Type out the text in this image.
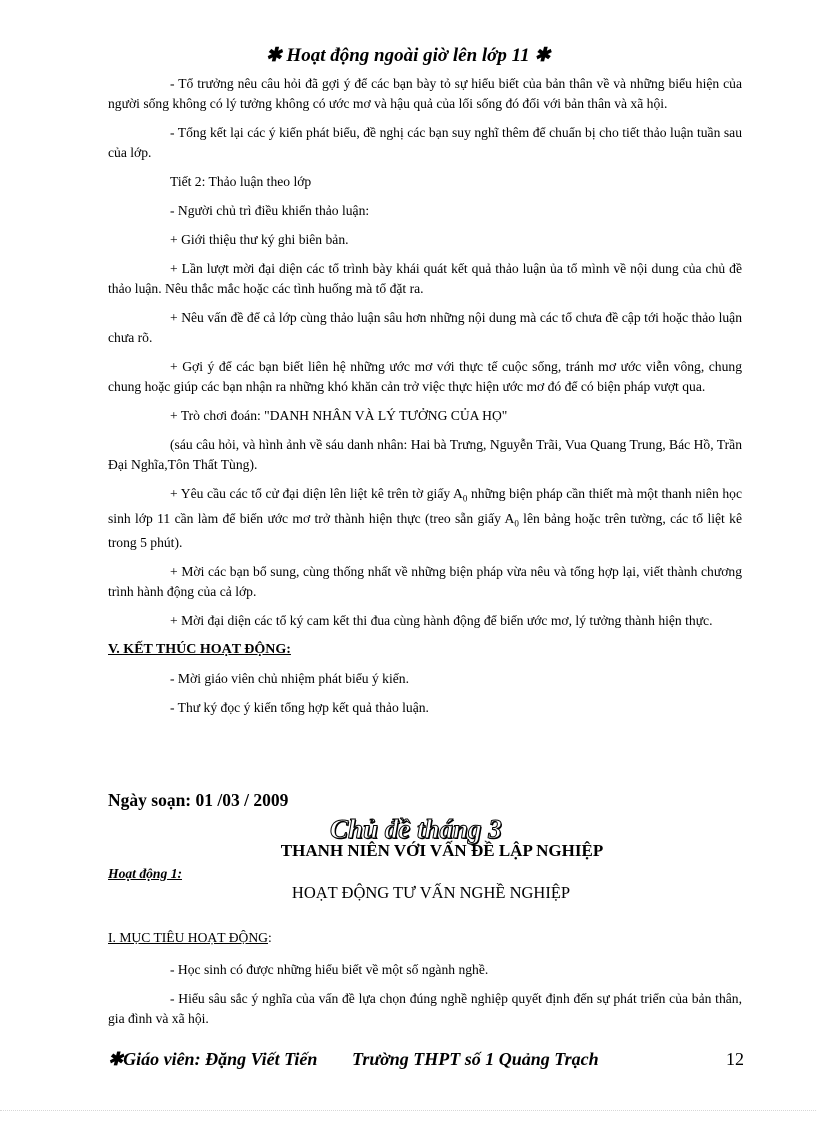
✱ Hoạt động ngoài giờ lên lớp 11 ✱

- Tổ trưởng nêu câu hỏi đã gợi ý để các bạn bày tỏ sự hiểu biết của bản thân về và những biểu hiện của người sống không có lý tưởng không có ước mơ và hậu quả của lối sống đó đối với bản thân và xã hội.

- Tổng kết lại các ý kiến phát biểu, đề nghị các bạn suy nghĩ thêm để chuẩn bị cho tiết thảo luận tuần sau của lớp.

Tiết 2: Thảo luận theo lớp

- Người chủ trì điều khiển thảo luận:

+ Giới thiệu thư ký ghi biên bản.

+ Lần lượt mời đại diện các tổ trình bày khái quát kết quả thảo luận ủa tổ mình về nội dung của chủ đề thảo luận. Nêu thắc mắc hoặc các tình huống mà tổ đặt ra.

+ Nêu vấn đề để cả lớp cùng thảo luận sâu hơn những nội dung mà các tổ chưa đề cập tới hoặc thảo luận chưa rõ.

+ Gợi ý để các bạn biết liên hệ những ước mơ với thực tế cuộc sống, tránh mơ ước viễn vông, chung chung hoặc giúp các bạn nhận ra những khó khăn cản trở việc thực hiện ước mơ đó để có biện pháp vượt qua.

+ Trò chơi đoán: "DANH NHÂN VÀ LÝ TƯỞNG CỦA HỌ"

(sáu câu hỏi, và hình ảnh về sáu danh nhân: Hai bà Trưng, Nguyễn Trãi, Vua Quang Trung, Bác Hồ, Trần Đại Nghĩa,Tôn Thất Tùng).

+ Yêu cầu các tổ cử đại diện lên liệt kê trên tờ giấy $A_0$ những biện pháp cần thiết mà một thanh niên học sinh lớp 11 cần làm để biến ước mơ trở thành hiện thực (treo sẵn giấy $A_0$ lên bảng hoặc trên tường, các tổ liệt kê trong 5 phút).

+ Mời các bạn bổ sung, cùng thống nhất về những biện pháp vừa nêu và tổng hợp lại, viết thành chương trình hành động của cả lớp.

+ Mời đại diện các tổ ký cam kết thi đua cùng hành động để biến ước mơ, lý tưởng thành hiện thực.

V. KẾT THÚC HOẠT ĐỘNG:

- Mời giáo viên chủ nhiệm phát biểu ý kiến.

- Thư ký đọc ý kiến tổng hợp kết quả thảo luận.

Ngày soạn: 01 /03 / 2009
Chủ đề tháng 3
THANH NIÊN VỚI VẤN ĐỀ LẬP NGHIỆP
Hoạt động 1:
HOẠT ĐỘNG TƯ VẤN NGHỀ NGHIỆP

I. MỤC TIÊU HOẠT ĐỘNG:

- Học sinh có được những hiểu biết về một số ngành nghề.

- Hiểu sâu sắc ý nghĩa của vấn đề lựa chọn đúng nghề nghiệp quyết định đến sự phát triển của bản thân, gia đình và xã hội.

✱Giáo viên: Đặng Viết Tiến Trường THPT số 1 Quảng Trạch	12
